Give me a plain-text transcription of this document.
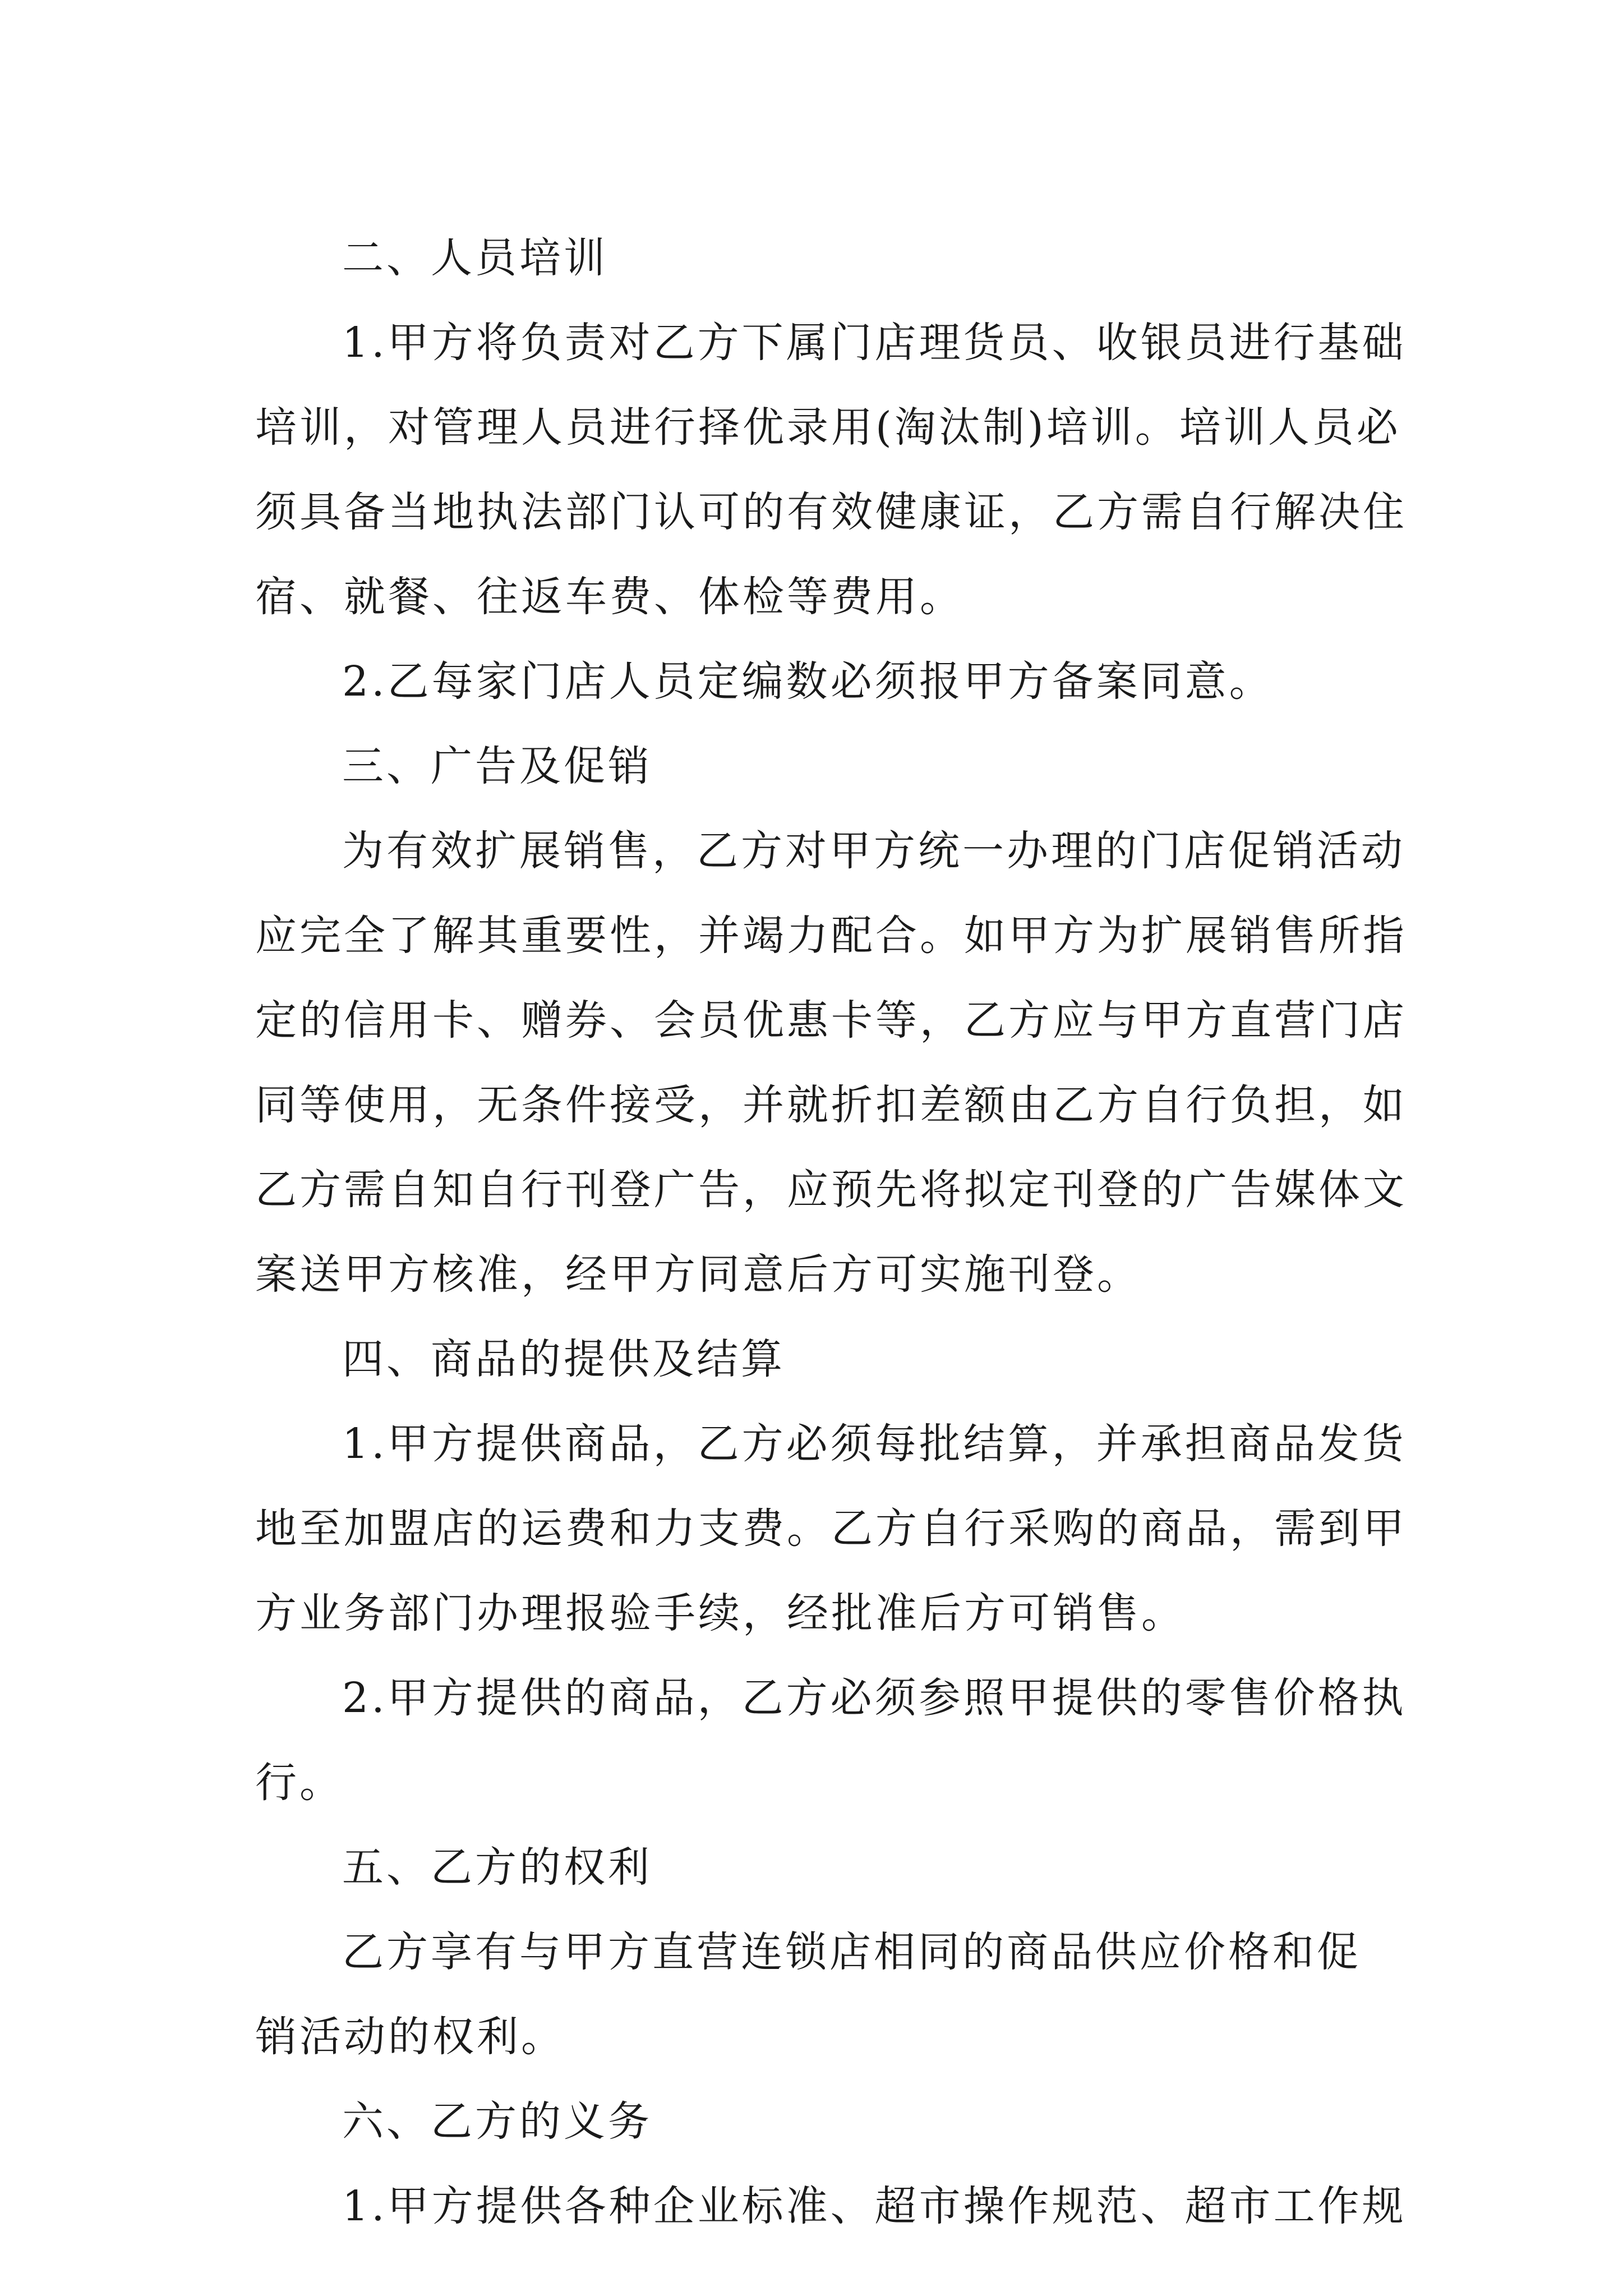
二、人员培训
1.甲方将负责对乙方下属门店理货员、收银员进行基础
培训，对管理人员进行择优录用(淘汰制)培训。培训人员必
须具备当地执法部门认可的有效健康证，乙方需自行解决住
宿、就餐、往返车费、体检等费用。
2.乙每家门店人员定编数必须报甲方备案同意。
三、广告及促销
为有效扩展销售，乙方对甲方统一办理的门店促销活动
应完全了解其重要性，并竭力配合。如甲方为扩展销售所指
定的信用卡、赠券、会员优惠卡等，乙方应与甲方直营门店
同等使用，无条件接受，并就折扣差额由乙方自行负担，如
乙方需自知自行刊登广告，应预先将拟定刊登的广告媒体文
案送甲方核准，经甲方同意后方可实施刊登。
四、商品的提供及结算
1.甲方提供商品，乙方必须每批结算，并承担商品发货
地至加盟店的运费和力支费。乙方自行采购的商品，需到甲
方业务部门办理报验手续，经批准后方可销售。
2.甲方提供的商品，乙方必须参照甲提供的零售价格执
行。
五、乙方的权利
乙方享有与甲方直营连锁店相同的商品供应价格和促
销活动的权利。
六、乙方的义务
1.甲方提供各种企业标准、超市操作规范、超市工作规
